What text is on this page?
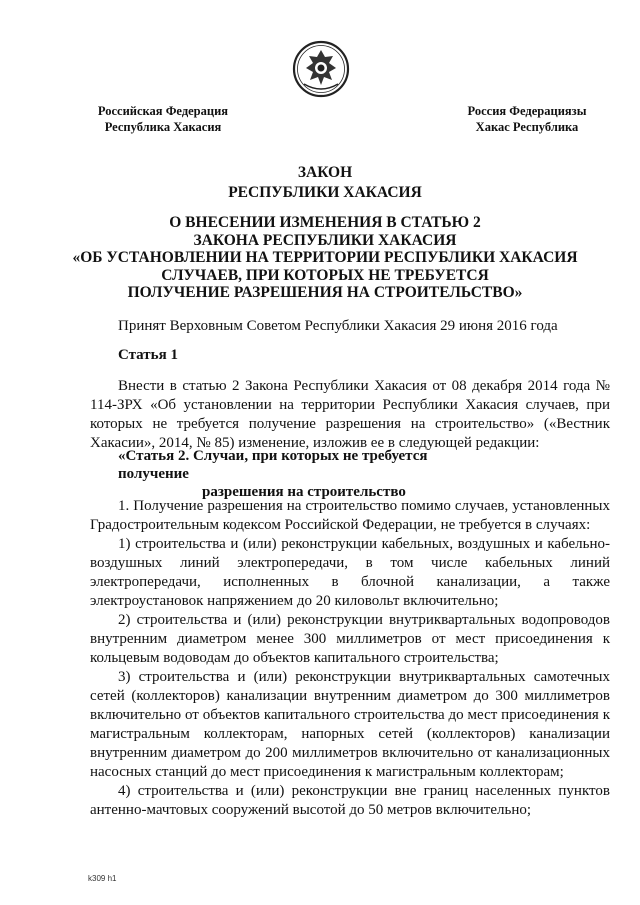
Российская Федерация
Республика Хакасия
Россия Федерациязы
Хакас Республика
ЗАКОН
РЕСПУБЛИКИ ХАКАСИЯ
О ВНЕСЕНИИ ИЗМЕНЕНИЯ В СТАТЬЮ 2
ЗАКОНА РЕСПУБЛИКИ ХАКАСИЯ
«ОБ УСТАНОВЛЕНИИ НА ТЕРРИТОРИИ РЕСПУБЛИКИ ХАКАСИЯ
СЛУЧАЕВ, ПРИ КОТОРЫХ НЕ ТРЕБУЕТСЯ
ПОЛУЧЕНИЕ РАЗРЕШЕНИЯ НА СТРОИТЕЛЬСТВО»
Принят Верховным Советом Республики Хакасия 29 июня 2016 года
Статья 1
Внести в статью 2 Закона Республики Хакасия от 08 декабря 2014 года № 114-ЗРХ «Об установлении на территории Республики Хакасия случаев, при которых не требуется получение разрешения на строительство» («Вестник Хакасии», 2014, № 85) изменение, изложив ее в следующей редакции:
«Статья 2. Случаи, при которых не требуется получение
разрешения на строительство

1. Получение разрешения на строительство помимо случаев, установленных Градостроительным кодексом Российской Федерации, не требуется в случаях:

1) строительства и (или) реконструкции кабельных, воздушных и кабельно-воздушных линий электропередачи, в том числе кабельных линий электропередачи, исполненных в блочной канализации, а также электроустановок напряжением до 20 киловольт включительно;

2) строительства и (или) реконструкции внутриквартальных водопроводов внутренним диаметром менее 300 миллиметров от мест присоединения к кольцевым водоводам до объектов капитального строительства;

3) строительства и (или) реконструкции внутриквартальных самотечных сетей (коллекторов) канализации внутренним диаметром до 300 миллиметров включительно от объектов капитального строительства до мест присоединения к магистральным коллекторам, напорных сетей (коллекторов) канализации внутренним диаметром до 200 миллиметров включительно от канализационных насосных станций до мест присоединения к магистральным коллекторам;

4) строительства и (или) реконструкции вне границ населенных пунктов антенно-мачтовых сооружений высотой до 50 метров включительно;

k309 h1
